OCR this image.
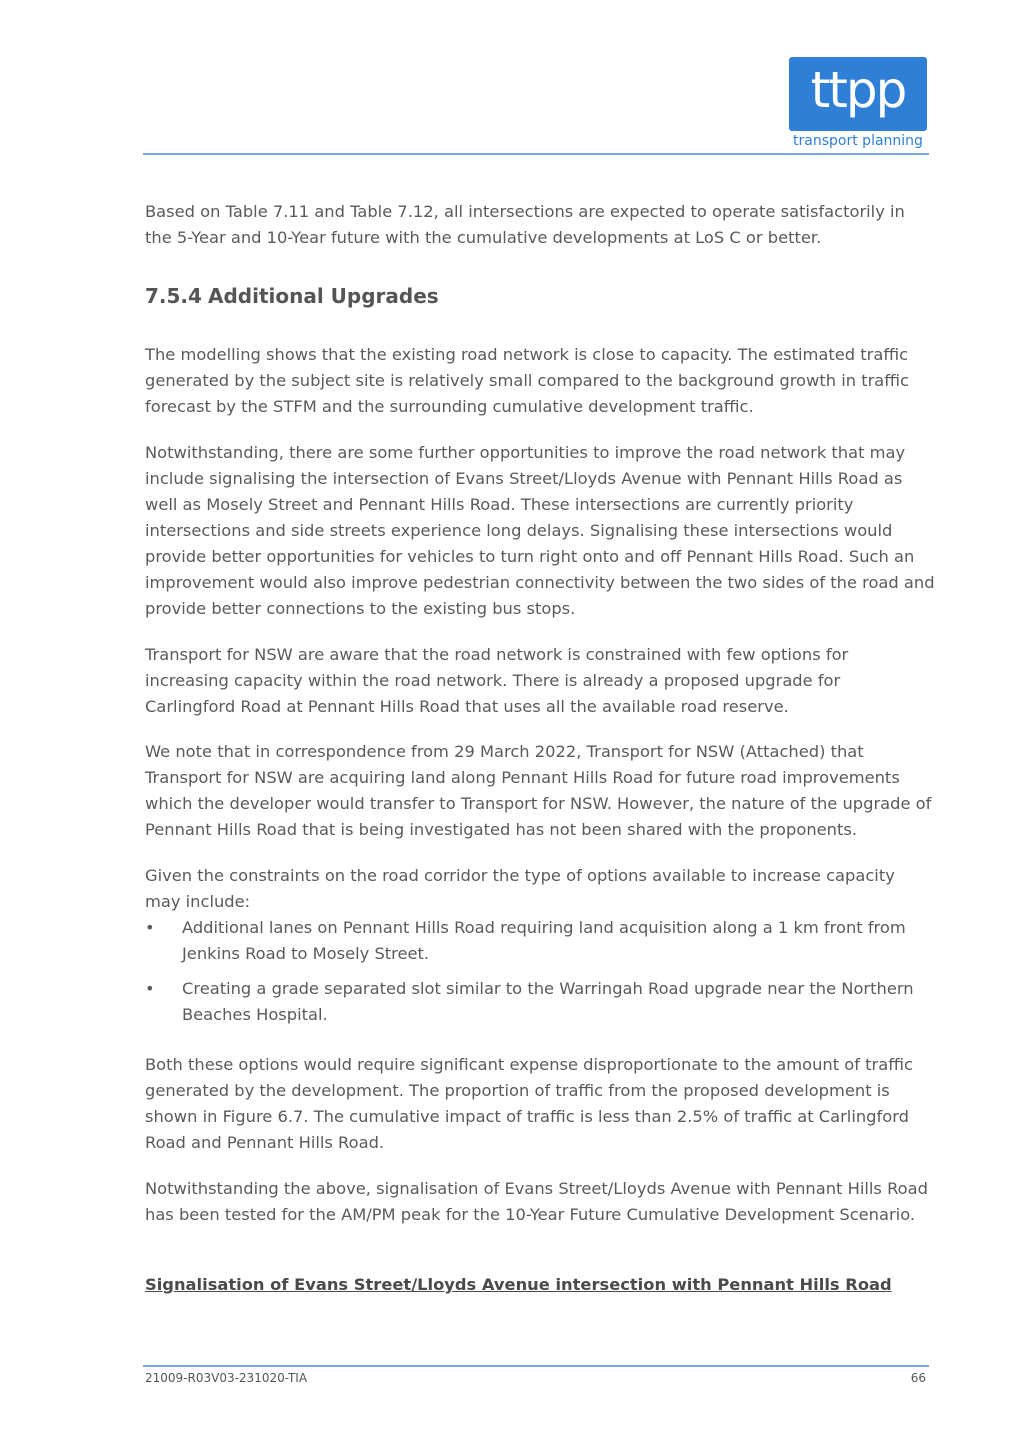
ttpp
transport planning

Based on Table 7.11 and Table 7.12, all intersections are expected to operate satisfactorily in the 5-Year and 10-Year future with the cumulative developments at LoS C or better.

7.5.4 Additional Upgrades

The modelling shows that the existing road network is close to capacity. The estimated traffic generated by the subject site is relatively small compared to the background growth in traffic forecast by the STFM and the surrounding cumulative development traffic.

Notwithstanding, there are some further opportunities to improve the road network that may include signalising the intersection of Evans Street/Lloyds Avenue with Pennant Hills Road as well as Mosely Street and Pennant Hills Road. These intersections are currently priority intersections and side streets experience long delays. Signalising these intersections would provide better opportunities for vehicles to turn right onto and off Pennant Hills Road. Such an improvement would also improve pedestrian connectivity between the two sides of the road and provide better connections to the existing bus stops.

Transport for NSW are aware that the road network is constrained with few options for increasing capacity within the road network. There is already a proposed upgrade for Carlingford Road at Pennant Hills Road that uses all the available road reserve.

We note that in correspondence from 29 March 2022, Transport for NSW (Attached) that Transport for NSW are acquiring land along Pennant Hills Road for future road improvements which the developer would transfer to Transport for NSW. However, the nature of the upgrade of Pennant Hills Road that is being investigated has not been shared with the proponents.

Given the constraints on the road corridor the type of options available to increase capacity may include:

• Additional lanes on Pennant Hills Road requiring land acquisition along a 1 km front from Jenkins Road to Mosely Street.
• Creating a grade separated slot similar to the Warringah Road upgrade near the Northern Beaches Hospital.

Both these options would require significant expense disproportionate to the amount of traffic generated by the development. The proportion of traffic from the proposed development is shown in Figure 6.7. The cumulative impact of traffic is less than 2.5% of traffic at Carlingford Road and Pennant Hills Road.

Notwithstanding the above, signalisation of Evans Street/Lloyds Avenue with Pennant Hills Road has been tested for the AM/PM peak for the 10-Year Future Cumulative Development Scenario.

Signalisation of Evans Street/Lloyds Avenue intersection with Pennant Hills Road

21009-R03V03-231020-TIA	66
